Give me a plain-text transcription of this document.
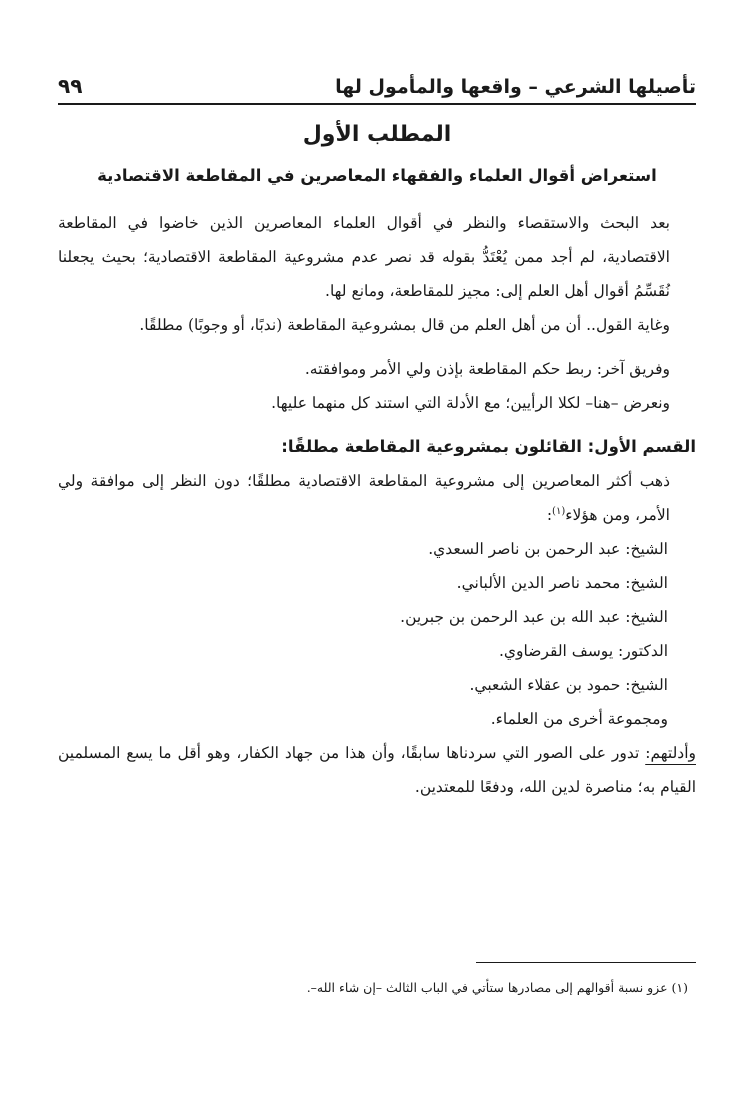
تأصيلها الشرعي – واقعها والمأمول لها
٩٩
المطلب الأول
استعراض أقوال العلماء والفقهاء المعاصرين في المقاطعة الاقتصادية

بعد البحث والاستقصاء والنظر في أقوال العلماء المعاصرين الذين خاضوا في المقاطعة الاقتصادية، لم أجد ممن يُعْتَدُّ بقوله قد نصر عدم مشروعية المقاطعة الاقتصادية؛ بحيث يجعلنا نُقَسِّمُ أقوال أهل العلم إلى: مجيز للمقاطعة، ومانع لها.

وغاية القول.. أن من أهل العلم من قال بمشروعية المقاطعة (ندبًا، أو وجوبًا) مطلقًا.

وفريق آخر: ربط حكم المقاطعة بإذن ولي الأمر وموافقته.

ونعرض –هنا– لكلا الرأيين؛ مع الأدلة التي استند كل منهما عليها.

القسم الأول: القائلون بمشروعية المقاطعة مطلقًا:

ذهب أكثر المعاصرين إلى مشروعية المقاطعة الاقتصادية مطلقًا؛ دون النظر إلى موافقة ولي الأمر، ومن هؤلاء$^{(١)}$:

الشيخ: عبد الرحمن بن ناصر السعدي.

الشيخ: محمد ناصر الدين الألباني.

الشيخ: عبد الله بن عبد الرحمن بن جبرين.

الدكتور: يوسف القرضاوي.

الشيخ: حمود بن عقلاء الشعبي.

ومجموعة أخرى من العلماء.

وأدلتهم: تدور على الصور التي سردناها سابقًا، وأن هذا من جهاد الكفار، وهو أقل ما يسع المسلمين القيام به؛ مناصرة لدين الله، ودفعًا للمعتدين.

(١) عزو نسبة أقوالهم إلى مصادرها ستأتي في الباب الثالث –إن شاء الله–.
